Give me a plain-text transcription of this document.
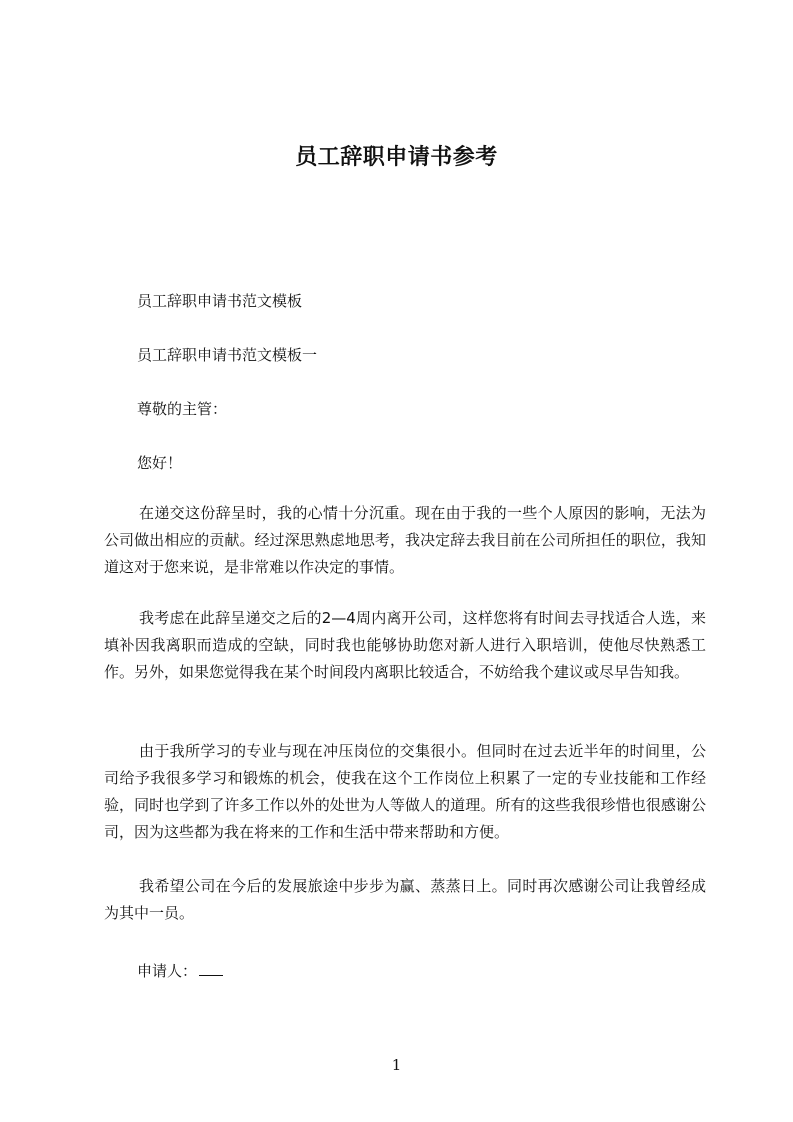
员工辞职申请书参考
员工辞职申请书范文模板
员工辞职申请书范文模板一
尊敬的主管：
您好！
在递交这份辞呈时，我的心情十分沉重。现在由于我的一些个人原因的影响，无法为公司做出相应的贡献。经过深思熟虑地思考，我决定辞去我目前在公司所担任的职位，我知道这对于您来说，是非常难以作决定的事情。
我考虑在此辞呈递交之后的2—4周内离开公司，这样您将有时间去寻找适合人选，来填补因我离职而造成的空缺，同时我也能够协助您对新人进行入职培训，使他尽快熟悉工作。另外，如果您觉得我在某个时间段内离职比较适合，不妨给我个建议或尽早告知我。
由于我所学习的专业与现在冲压岗位的交集很小。但同时在过去近半年的时间里，公司给予我很多学习和锻炼的机会，使我在这个工作岗位上积累了一定的专业技能和工作经验，同时也学到了许多工作以外的处世为人等做人的道理。所有的这些我很珍惜也很感谢公司，因为这些都为我在将来的工作和生活中带来帮助和方便。
我希望公司在今后的发展旅途中步步为赢、蒸蒸日上。同时再次感谢公司让我曾经成为其中一员。
申请人：
1
